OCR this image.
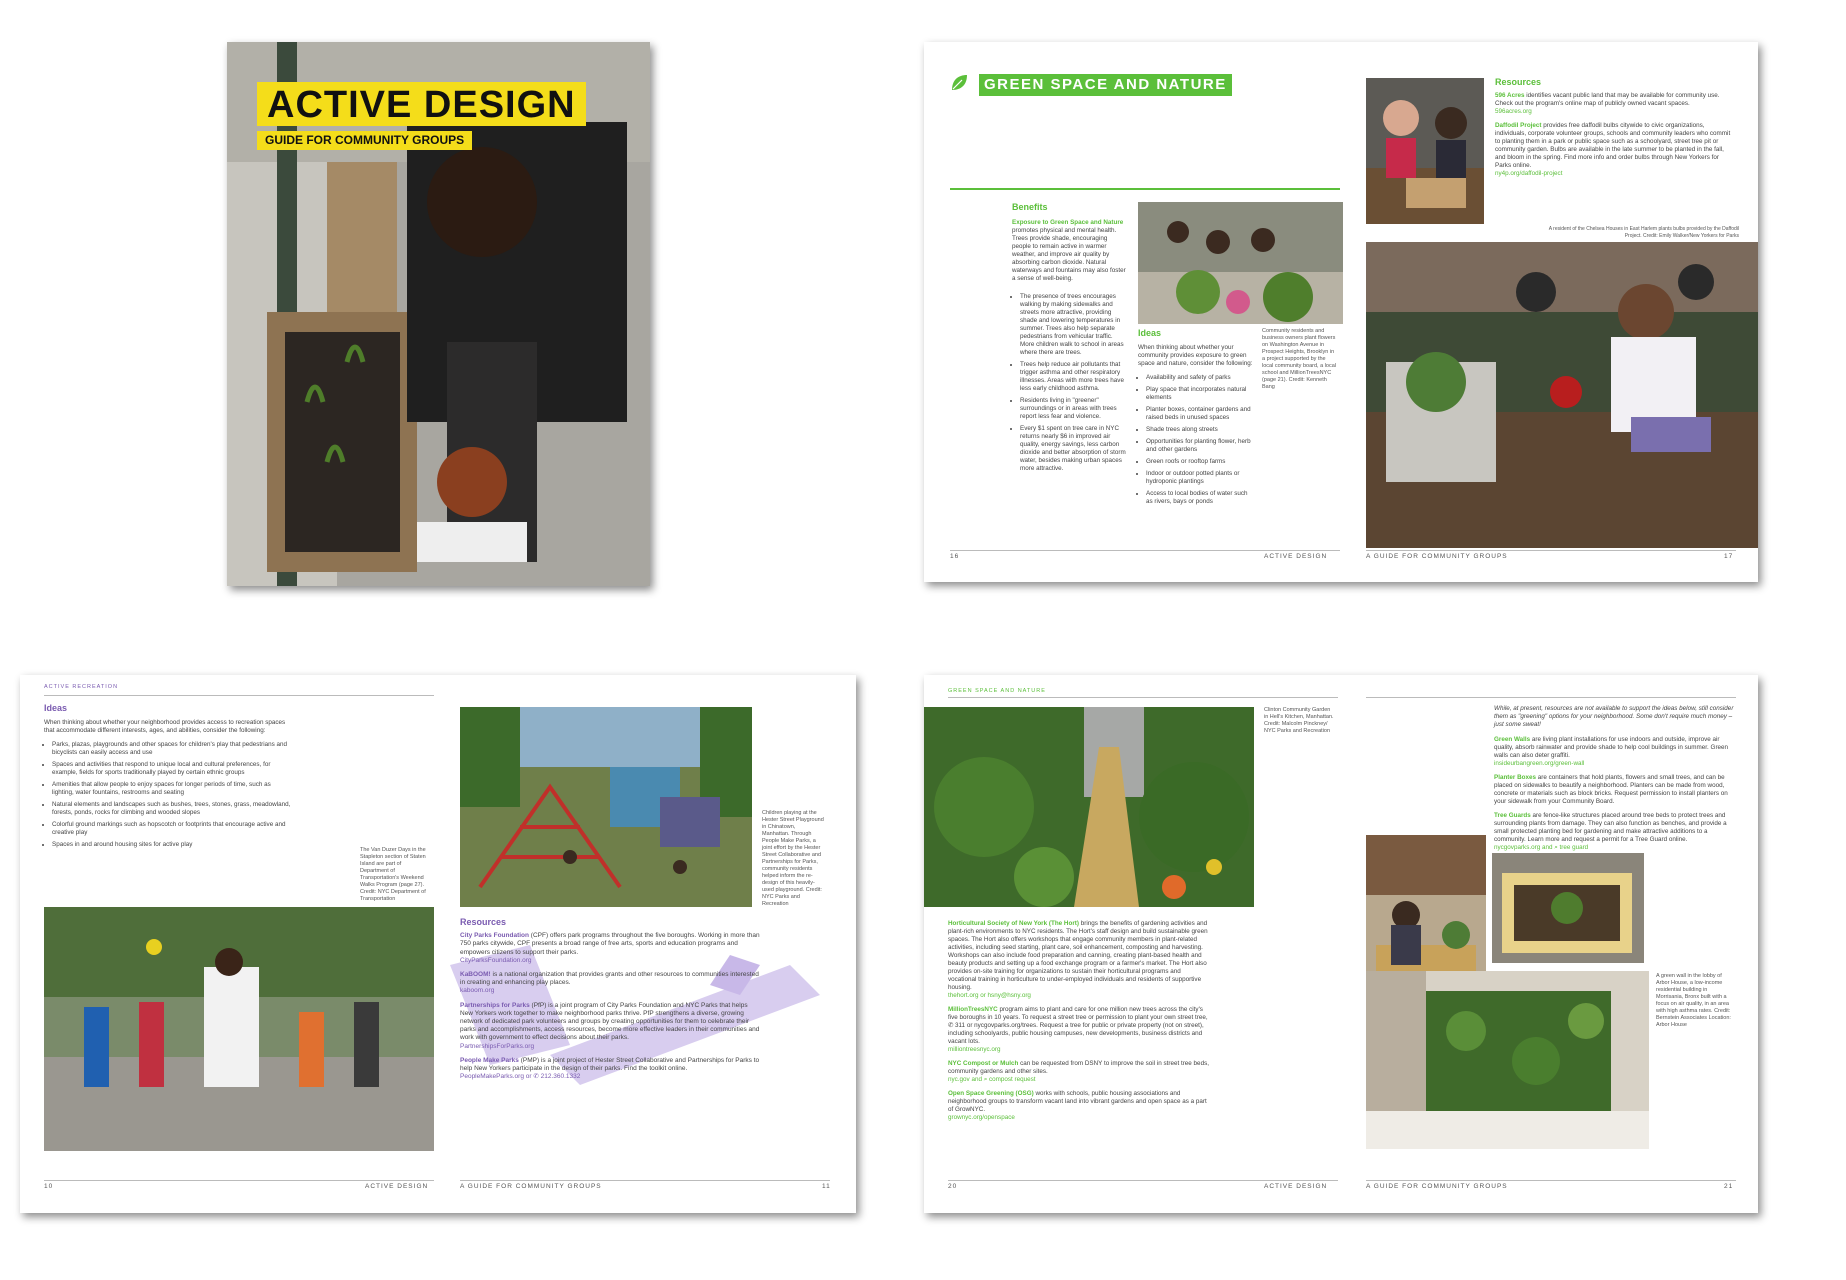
ACTIVE DESIGN
GUIDE FOR COMMUNITY GROUPS
GREEN SPACE AND NATURE
Benefits
Exposure to Green Space and Nature
promotes physical and mental health. Trees provide shade, encouraging people to remain active in warmer weather, and improve air quality by absorbing carbon dioxide. Natural waterways and fountains may also foster a sense of well-being.
• The presence of trees encourages walking by making sidewalks and streets more attractive, providing shade and lowering temperatures in summer. Trees also help separate pedestrians from vehicular traffic. More children walk to school in areas where there are trees.
• Trees help reduce air pollutants that trigger asthma and other respiratory illnesses. Areas with more trees have less early childhood asthma.
• Residents living in "greener" surroundings or in areas with trees report less fear and violence.
• Every $1 spent on tree care in NYC returns nearly $6 in improved air quality, energy savings, less carbon dioxide and better absorption of storm water, besides making urban spaces more attractive.
Community residents and business owners plant flowers on Washington Avenue in Prospect Heights, Brooklyn in a project supported by the local community board, a local school and MillionTreesNYC (page 21). Credit: Kenneth Bang
Ideas
When thinking about whether your community provides exposure to green space and nature, consider the following:
• Availability and safety of parks
• Play space that incorporates natural elements
• Planter boxes, container gardens and raised beds in unused spaces
• Shade trees along streets
• Opportunities for planting flower, herb and other gardens
• Green roofs or rooftop farms
• Indoor or outdoor potted plants or hydroponic plantings
• Access to local bodies of water such as rivers, bays or ponds
16	ACTIVE DESIGN
Resources

596 Acres identifies vacant public land that may be available for community use. Check out the program's online map of publicly owned vacant spaces.
596acres.org

Daffodil Project provides free daffodil bulbs citywide to civic organizations, individuals, corporate volunteer groups, schools and community leaders who commit to planting them in a park or public space such as a schoolyard, street tree pit or community garden. Bulbs are available in the late summer to be planted in the fall, and bloom in the spring. Find more info and order bulbs through New Yorkers for Parks online.
ny4p.org/daffodil-project

A resident of the Chelsea Houses in East Harlem plants bulbs provided by the Daffodil Project. Credit: Emily Walker/New Yorkers for Parks
A GUIDE FOR COMMUNITY GROUPS	17
ACTIVE RECREATION
Ideas
When thinking about whether your neighborhood provides access to recreation spaces that accommodate different interests, ages, and abilities, consider the following:
• Parks, plazas, playgrounds and other spaces for children's play that pedestrians and bicyclists can easily access and use
• Spaces and activities that respond to unique local and cultural preferences, for example, fields for sports traditionally played by certain ethnic groups
• Amenities that allow people to enjoy spaces for longer periods of time, such as lighting, water fountains, restrooms and seating
• Natural elements and landscapes such as bushes, trees, stones, grass, meadowland, forests, ponds, rocks for climbing and wooded slopes
• Colorful ground markings such as hopscotch or footprints that encourage active and creative play
• Spaces in and around housing sites for active play
The Van Duzer Days in the Stapleton section of Staten Island are part of Department of Transportation's Weekend Walks Program (page 27). Credit: NYC Department of Transportation
Children playing at the Hester Street Playground in Chinatown, Manhattan. Through People Make Parks, a joint effort by the Hester Street Collaborative and Partnerships for Parks, community residents helped inform the re-design of this heavily-used playground. Credit: NYC Parks and Recreation
Resources

City Parks Foundation (CPF) offers park programs throughout the five boroughs. Working in more than 750 parks citywide, CPF presents a broad range of free arts, sports and education programs and empowers citizens to support their parks.
CityParksFoundation.org

KaBOOM! is a national organization that provides grants and other resources to communities interested in creating and enhancing play places.
kaboom.org

Partnerships for Parks (PfP) is a joint program of City Parks Foundation and NYC Parks that helps New Yorkers work together to make neighborhood parks thrive. PfP strengthens a diverse, growing network of dedicated park volunteers and groups by creating opportunities for them to celebrate their parks and accomplishments, access resources, become more effective leaders in their communities and work with government to effect decisions about their parks.
PartnershipsForParks.org

People Make Parks (PMP) is a joint project of Hester Street Collaborative and Partnerships for Parks to help New Yorkers participate in the design of their parks. Find the toolkit online.
PeopleMakeParks.org or ✆ 212.360.1332

10	ACTIVE DESIGN	A GUIDE FOR COMMUNITY GROUPS	11
GREEN SPACE AND NATURE
Clinton Community Garden in Hell's Kitchen, Manhattan. Credit: Malcolm Pinckney/ NYC Parks and Recreation

Horticultural Society of New York (The Hort) brings the benefits of gardening activities and plant-rich environments to NYC residents. The Hort's staff design and build sustainable green spaces. The Hort also offers workshops that engage community members in plant-related activities, including seed starting, plant care, soil enhancement, composting and harvesting. Workshops can also include food preparation and canning, creating plant-based health and beauty products and setting up a food exchange program or a farmer's market. The Hort also provides on-site training for organizations to sustain their horticultural programs and vocational training in horticulture to under-employed individuals and residents of supportive housing.
thehort.org or hsny@hsny.org

MillionTreesNYC program aims to plant and care for one million new trees across the city's five boroughs in 10 years. To request a street tree or permission to plant your own street tree, ✆ 311 or nycgovparks.org/trees. Request a tree for public or private property (not on street), including schoolyards, public housing campuses, new developments, business districts and vacant lots.
milliontreesnyc.org

NYC Compost or Mulch can be requested from DSNY to improve the soil in street tree beds, community gardens and other sites.
nyc.gov and ⌕ compost request

Open Space Greening (OSG) works with schools, public housing associations and neighborhood groups to transform vacant land into vibrant gardens and open space as a part of GrowNYC.
grownyc.org/openspace

20	ACTIVE DESIGN
While, at present, resources are not available to support the ideas below, still consider them as "greening" options for your neighborhood. Some don't require much money – just some sweat!

Green Walls are living plant installations for use indoors and outside, improve air quality, absorb rainwater and provide shade to help cool buildings in summer. Green walls can also deter graffiti.
insideurbangreen.org/green-wall

Planter Boxes are containers that hold plants, flowers and small trees, and can be placed on sidewalks to beautify a neighborhood. Planters can be made from wood, concrete or materials such as block bricks. Request permission to install planters on your sidewalk from your Community Board.

Tree Guards are fence-like structures placed around tree beds to protect trees and surrounding plants from damage. They can also function as benches, and provide a small protected planting bed for gardening and make attractive additions to a community. Learn more and request a permit for a Tree Guard online.
nycgovparks.org and ⌕ tree guard

A green wall in the lobby of Arbor House, a low-income residential building in Morrisania, Bronx built with a focus on air quality, in an area with high asthma rates. Credit: Bernstein Associates Location: Arbor House
A GUIDE FOR COMMUNITY GROUPS	21
